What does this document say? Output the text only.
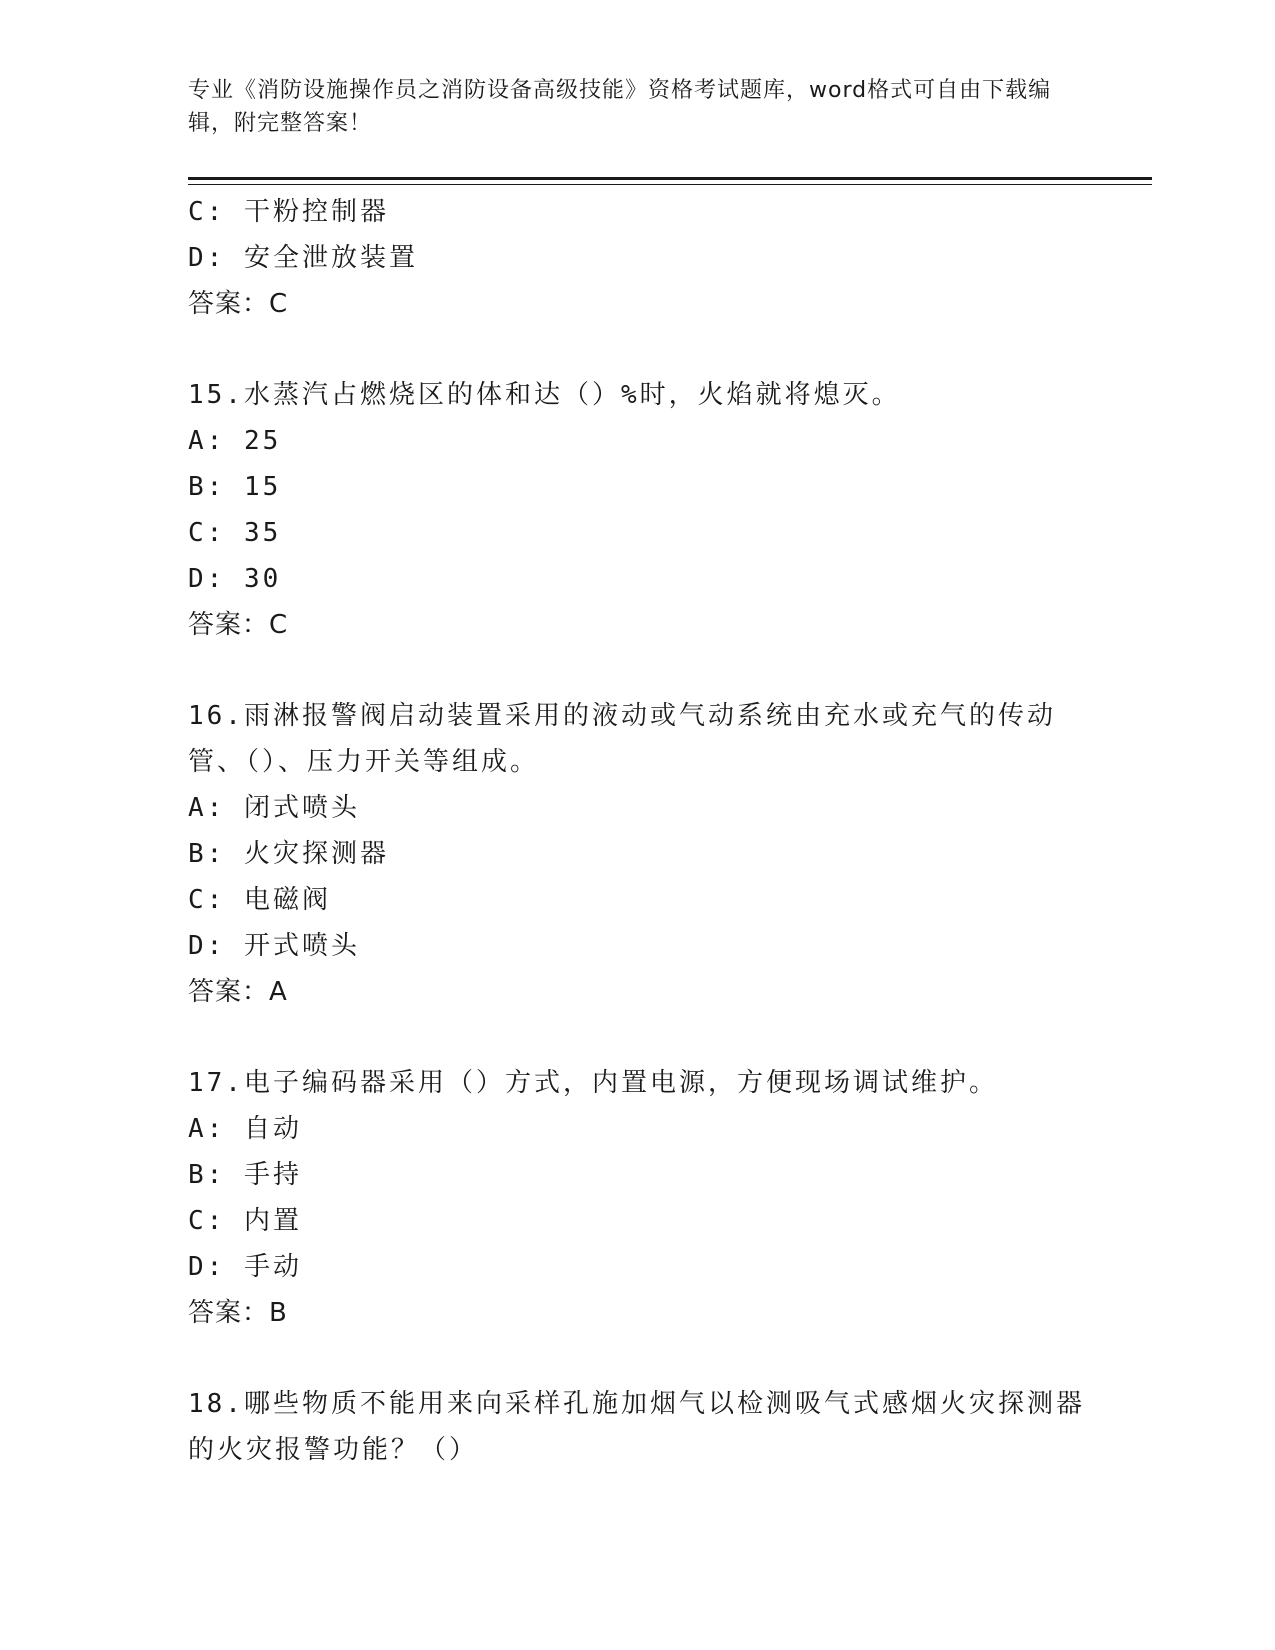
专业《消防设施操作员之消防设备高级技能》资格考试题库，word格式可自由下载编辑，附完整答案！
C: 干粉控制器
D: 安全泄放装置
答案：C
15.水蒸汽占燃烧区的体和达（）%时，火焰就将熄灭。
A: 25
B: 15
C: 35
D: 30
答案：C
16.雨淋报警阀启动装置采用的液动或气动系统由充水或充气的传动管、（）、压力开关等组成。
A: 闭式喷头
B: 火灾探测器
C: 电磁阀
D: 开式喷头
答案：A
17.电子编码器采用（）方式，内置电源，方便现场调试维护。
A: 自动
B: 手持
C: 内置
D: 手动
答案：B
18.哪些物质不能用来向采样孔施加烟气以检测吸气式感烟火灾探测器的火灾报警功能？（）
